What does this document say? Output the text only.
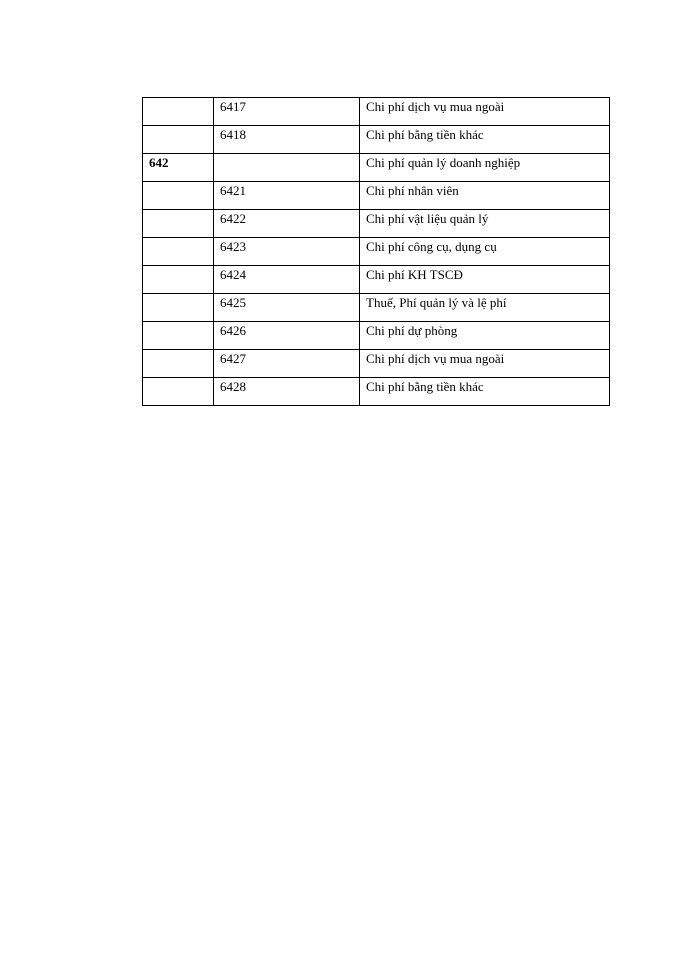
	6417	Chi phí dịch vụ mua ngoài
	6418	Chi phí bằng tiền khác
642		Chi phí quản lý doanh nghiệp
	6421	Chi phí nhân viên
	6422	Chi phí vật liệu quản lý
	6423	Chi phí công cụ, dụng cụ
	6424	Chi phí KH TSCĐ
	6425	Thuế, Phí quản lý và lệ phí
	6426	Chi phí dự phòng
	6427	Chi phí dịch vụ mua ngoài
	6428	Chi phí bằng tiền khác
